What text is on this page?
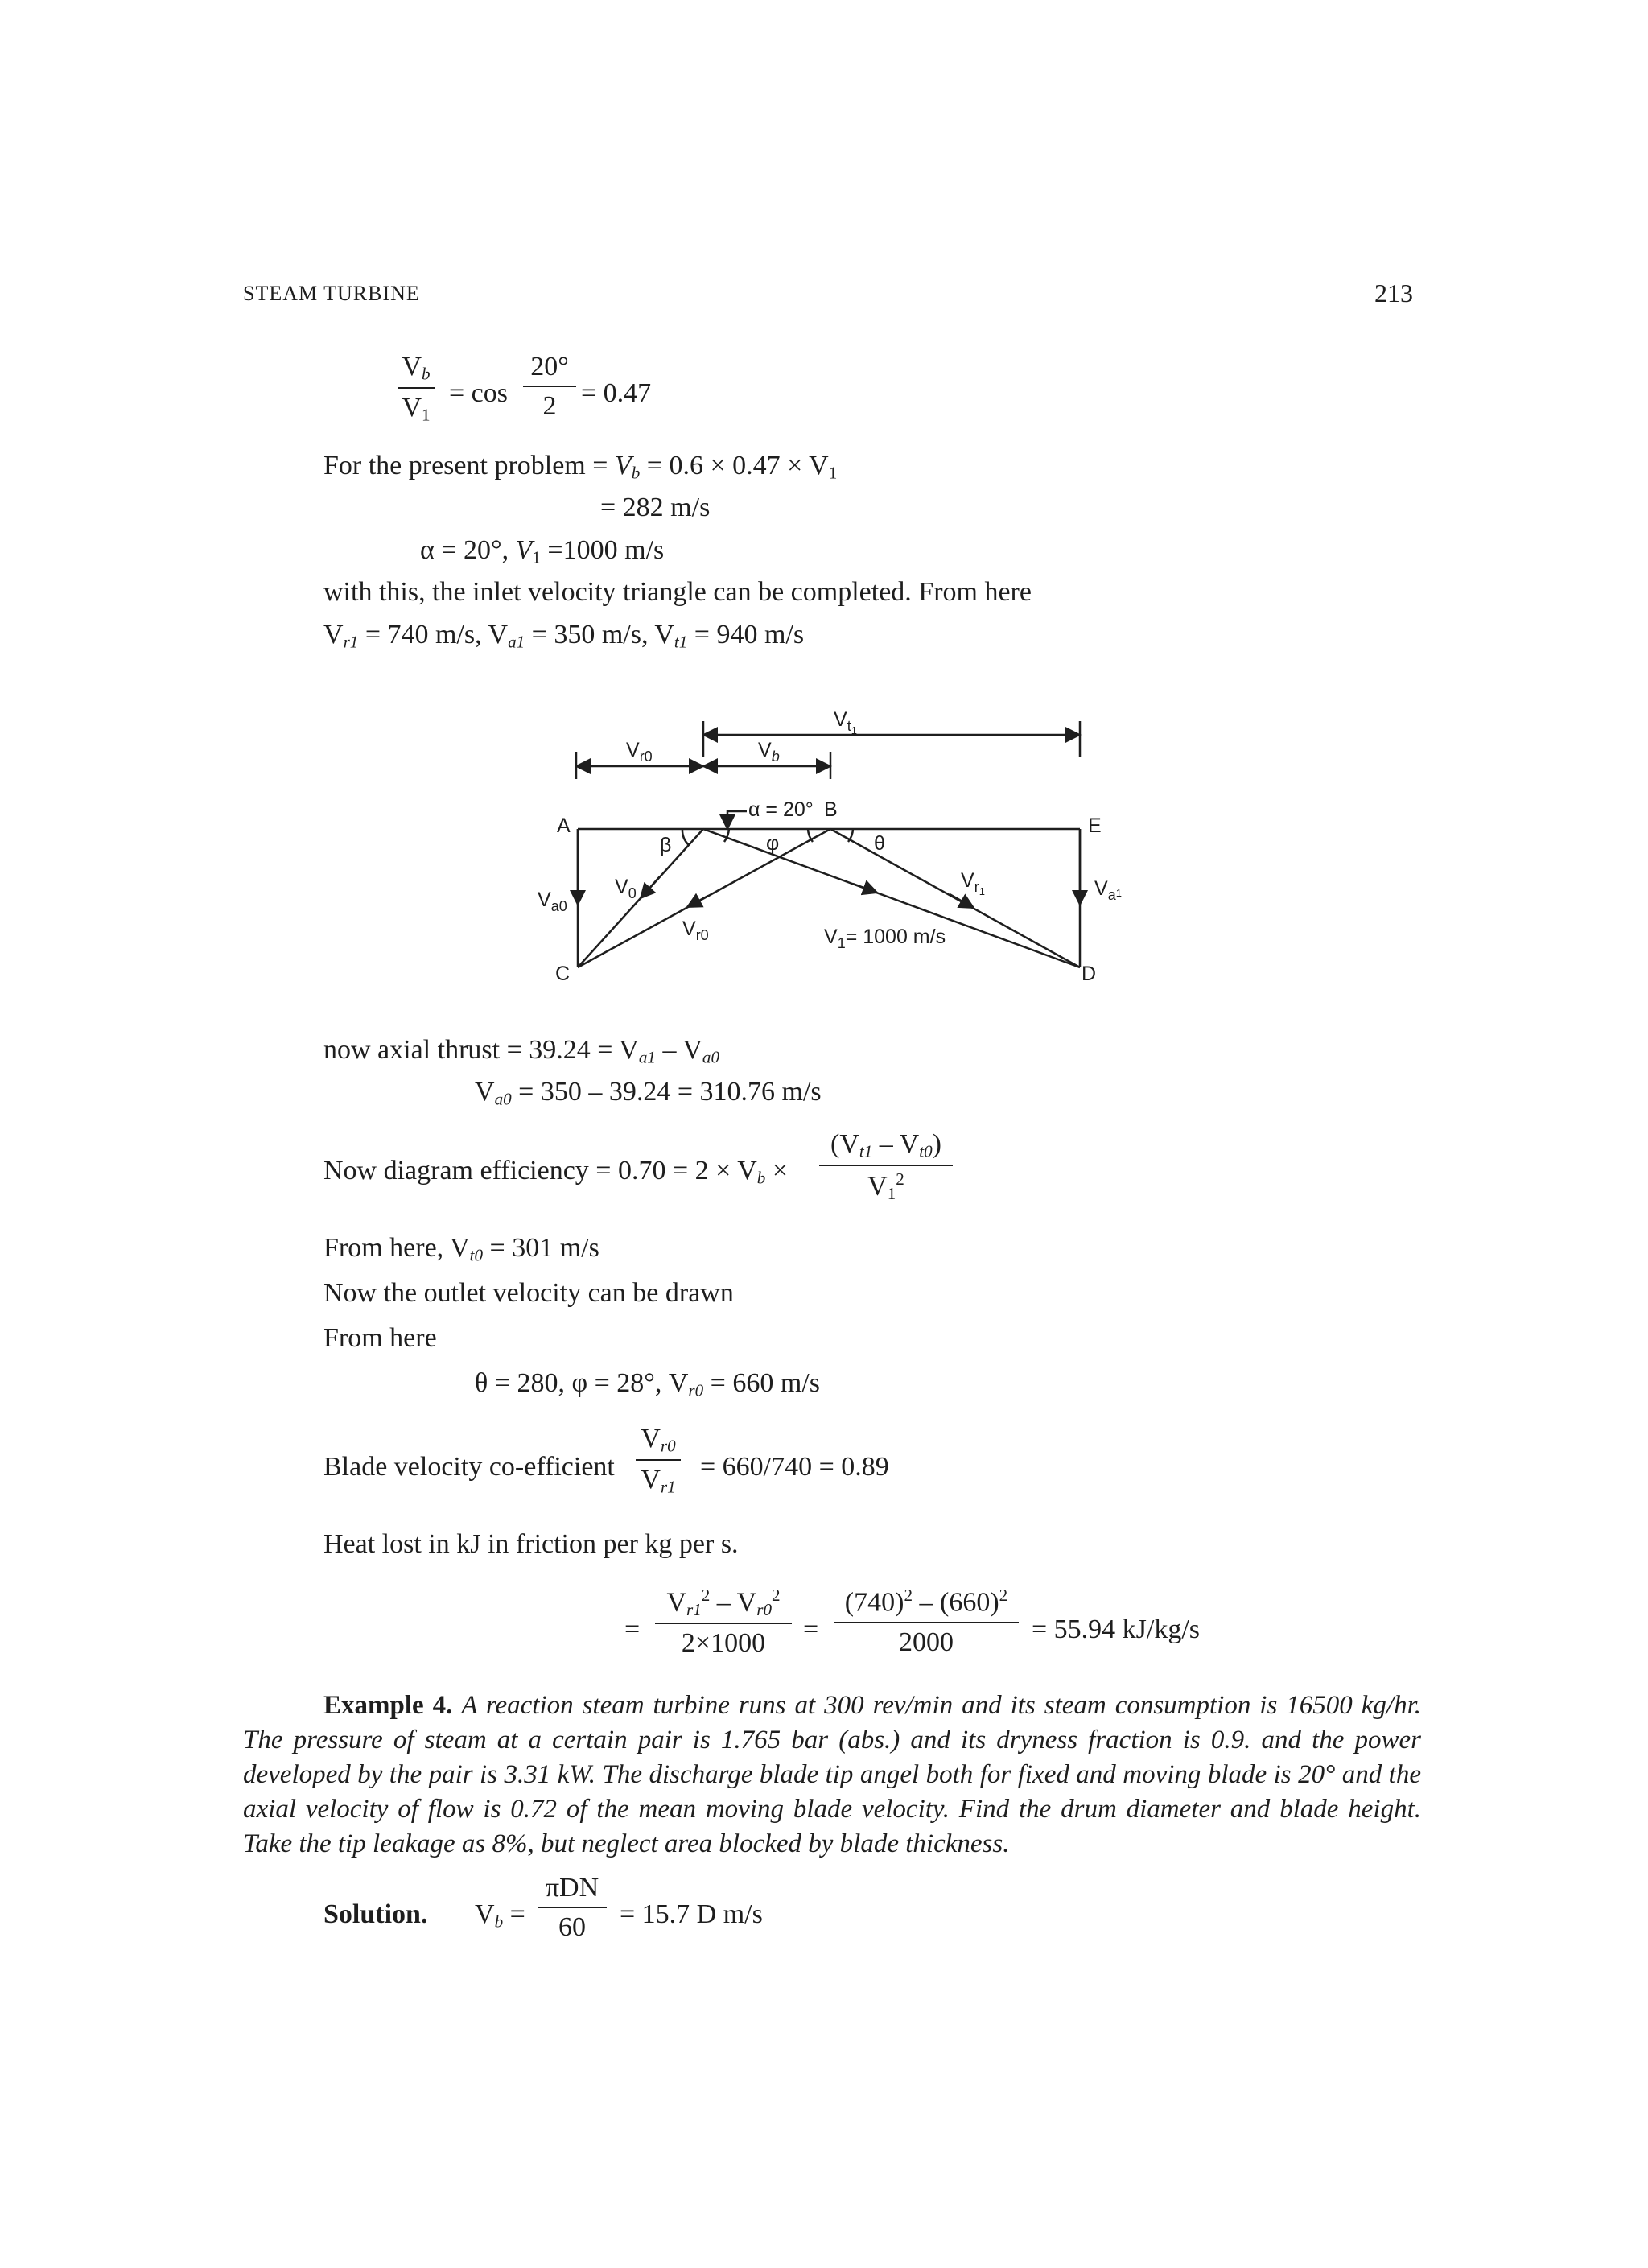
STEAM TURBINE	213
$V_b$
$V_1$
= cos
20°
2 = 0.47
For the present problem = $V_b = 0.6 \times 0.47 \times V_1$
= 282 m/s
α = 20°, $V_1 =1000$ m/s
with this, the inlet velocity triangle can be completed. From here
$V_{r1} = 740$ m/s, $V_{a1} = 350$ m/s, $V_{t1} = 940$ m/s
$V_t1$
$V_{r0}$	$V_b$
α = 20°
A
B
E
C	D
β	φ	θ
$V_{a0}$
$V_a1$
$V_0$
$V_r1$
$V_{r0}$	$V_1= 1000$ m/s
now axial thrust = $39.24 = V_{a1} - V_{a0}$
$V_{a0} = 350 - 39.24 = 310.76$ m/s
Now diagram efficiency = $0.70 = 2 \times V_b$ ×
$(V_{t1} - V_{t0})$
$V_1^2$
From here, $V_{t0} = 301$ m/s
Now the outlet velocity can be drawn
From here
θ = 280, φ = 28°, $V_{r0} = 660$ m/s
Blade velocity co-efficient
$V_{r0}$
$V_{r1}$
= 660/740 = 0.89
Heat lost in kJ in friction per kg per s.
=
$V_{r1}^2 - V_{r0}^2$
2×1000	=
$(740)^2 - (660)^2$
2000	= 55.94 kJ/kg/s
Example 4. A reaction steam turbine runs at 300 rev/min and its steam consumption is 16500 kg/hr. The pressure of steam at a certain pair is 1.765 bar (abs.) and its dryness fraction is 0.9. and the power developed by the pair is 3.31 kW. The discharge blade tip angel both for fixed and moving blade is 20° and the axial velocity of flow is 0.72 of the mean moving blade velocity. Find the drum diameter and blade height. Take the tip leakage as 8%, but neglect area blocked by blade thickness.
Solution. $V_b$ =
πDN
60	= 15.7 D m/s
